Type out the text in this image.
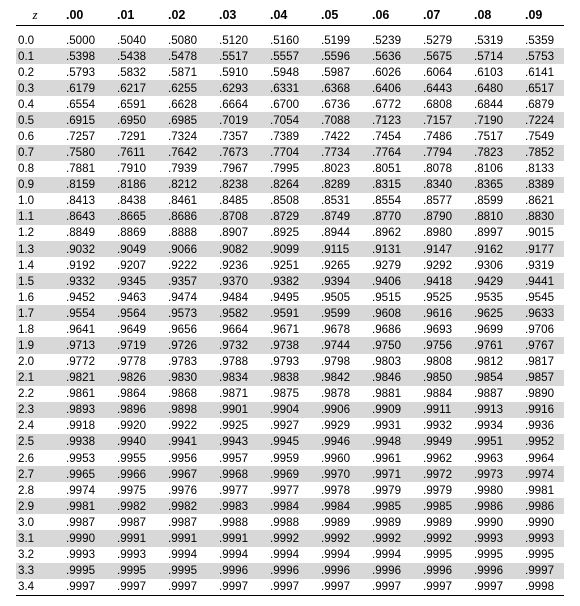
z	.00	.01	.02	.03	.04	.05	.06	.07	.08	.09

0.0	.5000	.5040	.5080	.5120	.5160	.5199	.5239	.5279	.5319	.5359
0.1	.5398	.5438	.5478	.5517	.5557	.5596	.5636	.5675	.5714	.5753
0.2	.5793	.5832	.5871	.5910	.5948	.5987	.6026	.6064	.6103	.6141
0.3	.6179	.6217	.6255	.6293	.6331	.6368	.6406	.6443	.6480	.6517
0.4	.6554	.6591	.6628	.6664	.6700	.6736	.6772	.6808	.6844	.6879
0.5	.6915	.6950	.6985	.7019	.7054	.7088	.7123	.7157	.7190	.7224
0.6	.7257	.7291	.7324	.7357	.7389	.7422	.7454	.7486	.7517	.7549
0.7	.7580	.7611	.7642	.7673	.7704	.7734	.7764	.7794	.7823	.7852
0.8	.7881	.7910	.7939	.7967	.7995	.8023	.8051	.8078	.8106	.8133
0.9	.8159	.8186	.8212	.8238	.8264	.8289	.8315	.8340	.8365	.8389
1.0	.8413	.8438	.8461	.8485	.8508	.8531	.8554	.8577	.8599	.8621
1.1	.8643	.8665	.8686	.8708	.8729	.8749	.8770	.8790	.8810	.8830
1.2	.8849	.8869	.8888	.8907	.8925	.8944	.8962	.8980	.8997	.9015
1.3	.9032	.9049	.9066	.9082	.9099	.9115	.9131	.9147	.9162	.9177
1.4	.9192	.9207	.9222	.9236	.9251	.9265	.9279	.9292	.9306	.9319
1.5	.9332	.9345	.9357	.9370	.9382	.9394	.9406	.9418	.9429	.9441
1.6	.9452	.9463	.9474	.9484	.9495	.9505	.9515	.9525	.9535	.9545
1.7	.9554	.9564	.9573	.9582	.9591	.9599	.9608	.9616	.9625	.9633
1.8	.9641	.9649	.9656	.9664	.9671	.9678	.9686	.9693	.9699	.9706
1.9	.9713	.9719	.9726	.9732	.9738	.9744	.9750	.9756	.9761	.9767
2.0	.9772	.9778	.9783	.9788	.9793	.9798	.9803	.9808	.9812	.9817
2.1	.9821	.9826	.9830	.9834	.9838	.9842	.9846	.9850	.9854	.9857
2.2	.9861	.9864	.9868	.9871	.9875	.9878	.9881	.9884	.9887	.9890
2.3	.9893	.9896	.9898	.9901	.9904	.9906	.9909	.9911	.9913	.9916
2.4	.9918	.9920	.9922	.9925	.9927	.9929	.9931	.9932	.9934	.9936
2.5	.9938	.9940	.9941	.9943	.9945	.9946	.9948	.9949	.9951	.9952
2.6	.9953	.9955	.9956	.9957	.9959	.9960	.9961	.9962	.9963	.9964
2.7	.9965	.9966	.9967	.9968	.9969	.9970	.9971	.9972	.9973	.9974
2.8	.9974	.9975	.9976	.9977	.9977	.9978	.9979	.9979	.9980	.9981
2.9	.9981	.9982	.9982	.9983	.9984	.9984	.9985	.9985	.9986	.9986
3.0	.9987	.9987	.9987	.9988	.9988	.9989	.9989	.9989	.9990	.9990
3.1	.9990	.9991	.9991	.9991	.9992	.9992	.9992	.9992	.9993	.9993
3.2	.9993	.9993	.9994	.9994	.9994	.9994	.9994	.9995	.9995	.9995
3.3	.9995	.9995	.9995	.9996	.9996	.9996	.9996	.9996	.9996	.9997
3.4	.9997	.9997	.9997	.9997	.9997	.9997	.9997	.9997	.9997	.9998
